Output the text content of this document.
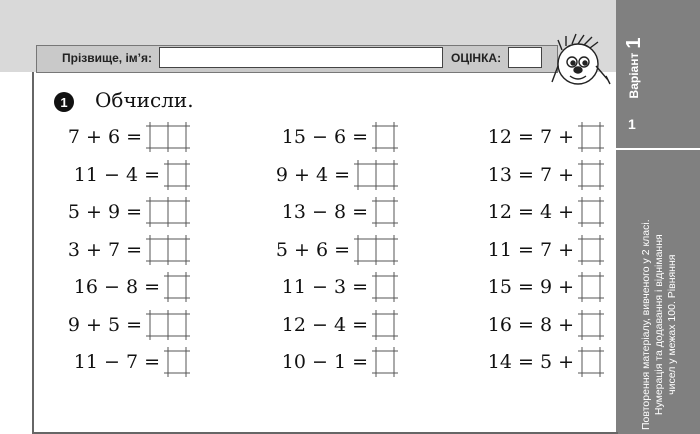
Варіант
1
1
Повторення матеріалу, вивченого у 2 класі. Нумерація та додавання і віднімання чисел у межах 100. Рівняння
Прізвище, ім’я:	ОЦІНКА:
1	Обчисли.
7 + 6 =
11 − 4 =
5 + 9 =
3 + 7 =
16 − 8 =
9 + 5 =
11 − 7 =
15 − 6 =
9 + 4 =
13 − 8 =
5 + 6 =
11 − 3 =
12 − 4 =
10 − 1 =
12 = 7 +
13 = 7 +
12 = 4 +
11 = 7 +
15 = 9 +
16 = 8 +
14 = 5 +
